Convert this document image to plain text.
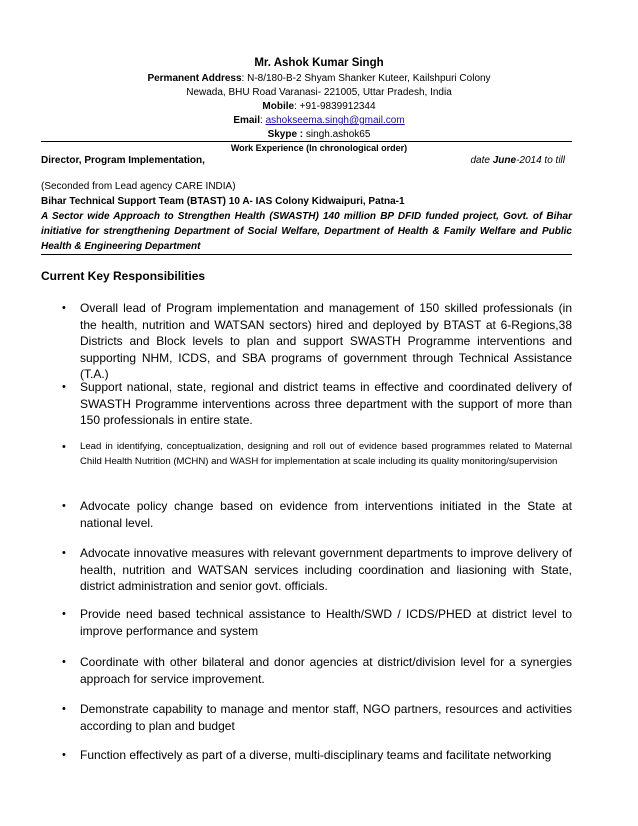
Mr. Ashok Kumar Singh
Permanent Address: N-8/180-B-2 Shyam Shanker Kuteer, Kailshpuri Colony
Newada, BHU Road Varanasi- 221005, Uttar Pradesh, India
Mobile: +91-9839912344
Email: ashokseema.singh@gmail.com
Skype : singh.ashok65
Work Experience (In chronological order)
Director, Program Implementation,	date June-2014 to till
(Seconded from Lead agency CARE INDIA)
Bihar Technical Support Team (BTAST) 10 A- IAS Colony Kidwaipuri, Patna-1
A Sector wide Approach to Strengthen Health (SWASTH) 140 million BP DFID funded project, Govt. of Bihar initiative for strengthening Department of Social Welfare, Department of Health & Family Welfare and Public Health & Engineering Department
Current Key Responsibilities
• Overall lead of Program implementation and management of 150 skilled professionals (in the health, nutrition and WATSAN sectors) hired and deployed by BTAST at 6-Regions,38 Districts and Block levels to plan and support SWASTH Programme interventions and supporting NHM, ICDS, and SBA programs of government through Technical Assistance (T.A.)
• Support national, state, regional and district teams in effective and coordinated delivery of SWASTH Programme interventions across three department with the support of more than 150 professionals in entire state.
• Lead in identifying, conceptualization, designing and roll out of evidence based programmes related to Maternal Child Health Nutrition (MCHN) and WASH for implementation at scale including its quality monitoring/supervision
• Advocate policy change based on evidence from interventions initiated in the State at national level.
• Advocate innovative measures with relevant government departments to improve delivery of health, nutrition and WATSAN services including coordination and liasioning with State, district administration and senior govt. officials.
• Provide need based technical assistance to Health/SWD / ICDS/PHED at district level to improve performance and system
• Coordinate with other bilateral and donor agencies at district/division level for a synergies approach for service improvement.
• Demonstrate capability to manage and mentor staff, NGO partners, resources and activities according to plan and budget
• Function effectively as part of a diverse, multi-disciplinary teams and facilitate networking
